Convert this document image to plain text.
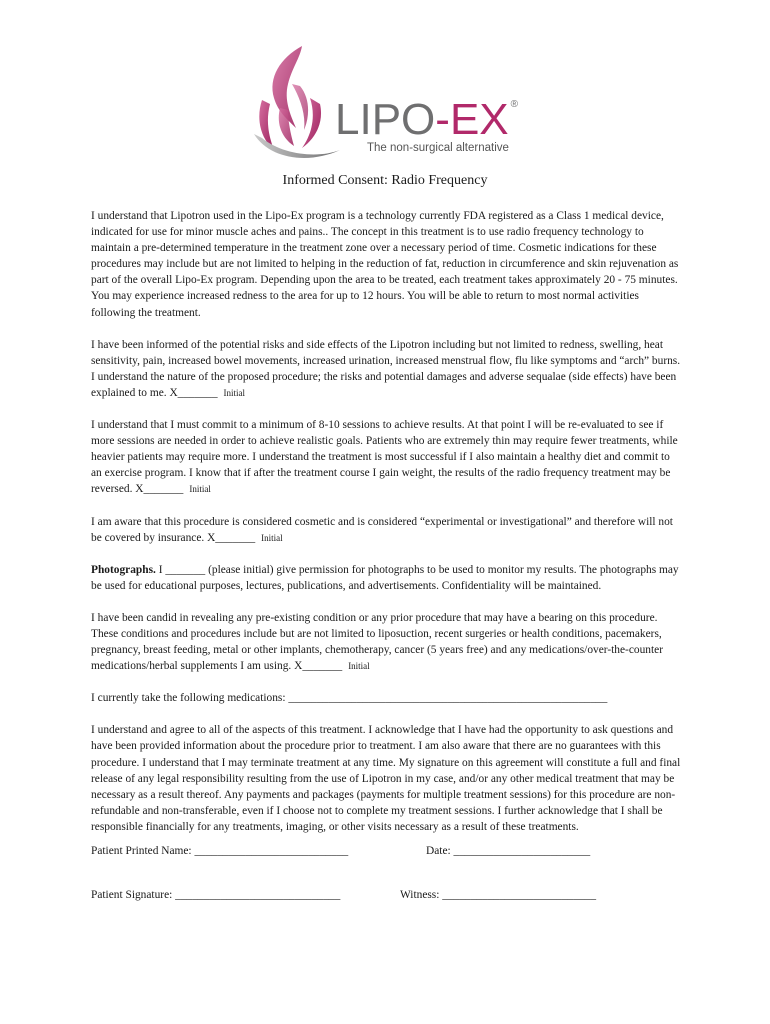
LIPO-EX ®
The non-surgical alternative
Informed Consent: Radio Frequency

I understand that Lipotron used in the Lipo-Ex program is a technology currently FDA registered as a Class 1 medical device, indicated for use for minor muscle aches and pains.. The concept in this treatment is to use radio frequency technology to maintain a pre-determined temperature in the treatment zone over a necessary period of time. Cosmetic indications for these procedures may include but are not limited to helping in the reduction of fat, reduction in circumference and skin rejuvenation as part of the overall Lipo-Ex program. Depending upon the area to be treated, each treatment takes approximately 20 - 75 minutes. You may experience increased redness to the area for up to 12 hours. You will be able to return to most normal activities following the treatment.

I have been informed of the potential risks and side effects of the Lipotron including but not limited to redness, swelling, heat sensitivity, pain, increased bowel movements, increased urination, increased menstrual flow, flu like symptoms and “arch” burns. I understand the nature of the proposed procedure; the risks and potential damages and adverse sequalae (side effects) have been explained to me. X_______ Initial

I understand that I must commit to a minimum of 8-10 sessions to achieve results. At that point I will be re-evaluated to see if more sessions are needed in order to achieve realistic goals. Patients who are extremely thin may require fewer treatments, while heavier patients may require more. I understand the treatment is most successful if I also maintain a healthy diet and commit to an exercise program. I know that if after the treatment course I gain weight, the results of the radio frequency treatment may be reversed. X_______ Initial

I am aware that this procedure is considered cosmetic and is considered “experimental or investigational” and therefore will not be covered by insurance. X_______ Initial

Photographs. I _______ (please initial) give permission for photographs to be used to monitor my results. The photographs may be used for educational purposes, lectures, publications, and advertisements. Confidentiality will be maintained.

I have been candid in revealing any pre-existing condition or any prior procedure that may have a bearing on this procedure. These conditions and procedures include but are not limited to liposuction, recent surgeries or health conditions, pacemakers, pregnancy, breast feeding, metal or other implants, chemotherapy, cancer (5 years free) and any medications/over-the-counter medications/herbal supplements I am using. X_______ Initial

I currently take the following medications: ________________________________________________________

I understand and agree to all of the aspects of this treatment. I acknowledge that I have had the opportunity to ask questions and have been provided information about the procedure prior to treatment. I am also aware that there are no guarantees with this procedure. I understand that I may terminate treatment at any time. My signature on this agreement will constitute a full and final release of any legal responsibility resulting from the use of Lipotron in my case, and/or any other medical treatment that may be necessary as a result thereof. Any payments and packages (payments for multiple treatment sessions) for this procedure are non-refundable and non-transferable, even if I choose not to complete my treatment sessions. I further acknowledge that I shall be responsible financially for any treatments, imaging, or other visits necessary as a result of these treatments.

Patient Printed Name: ___________________________	Date: ________________________
Patient Signature: _____________________________	Witness: ___________________________
